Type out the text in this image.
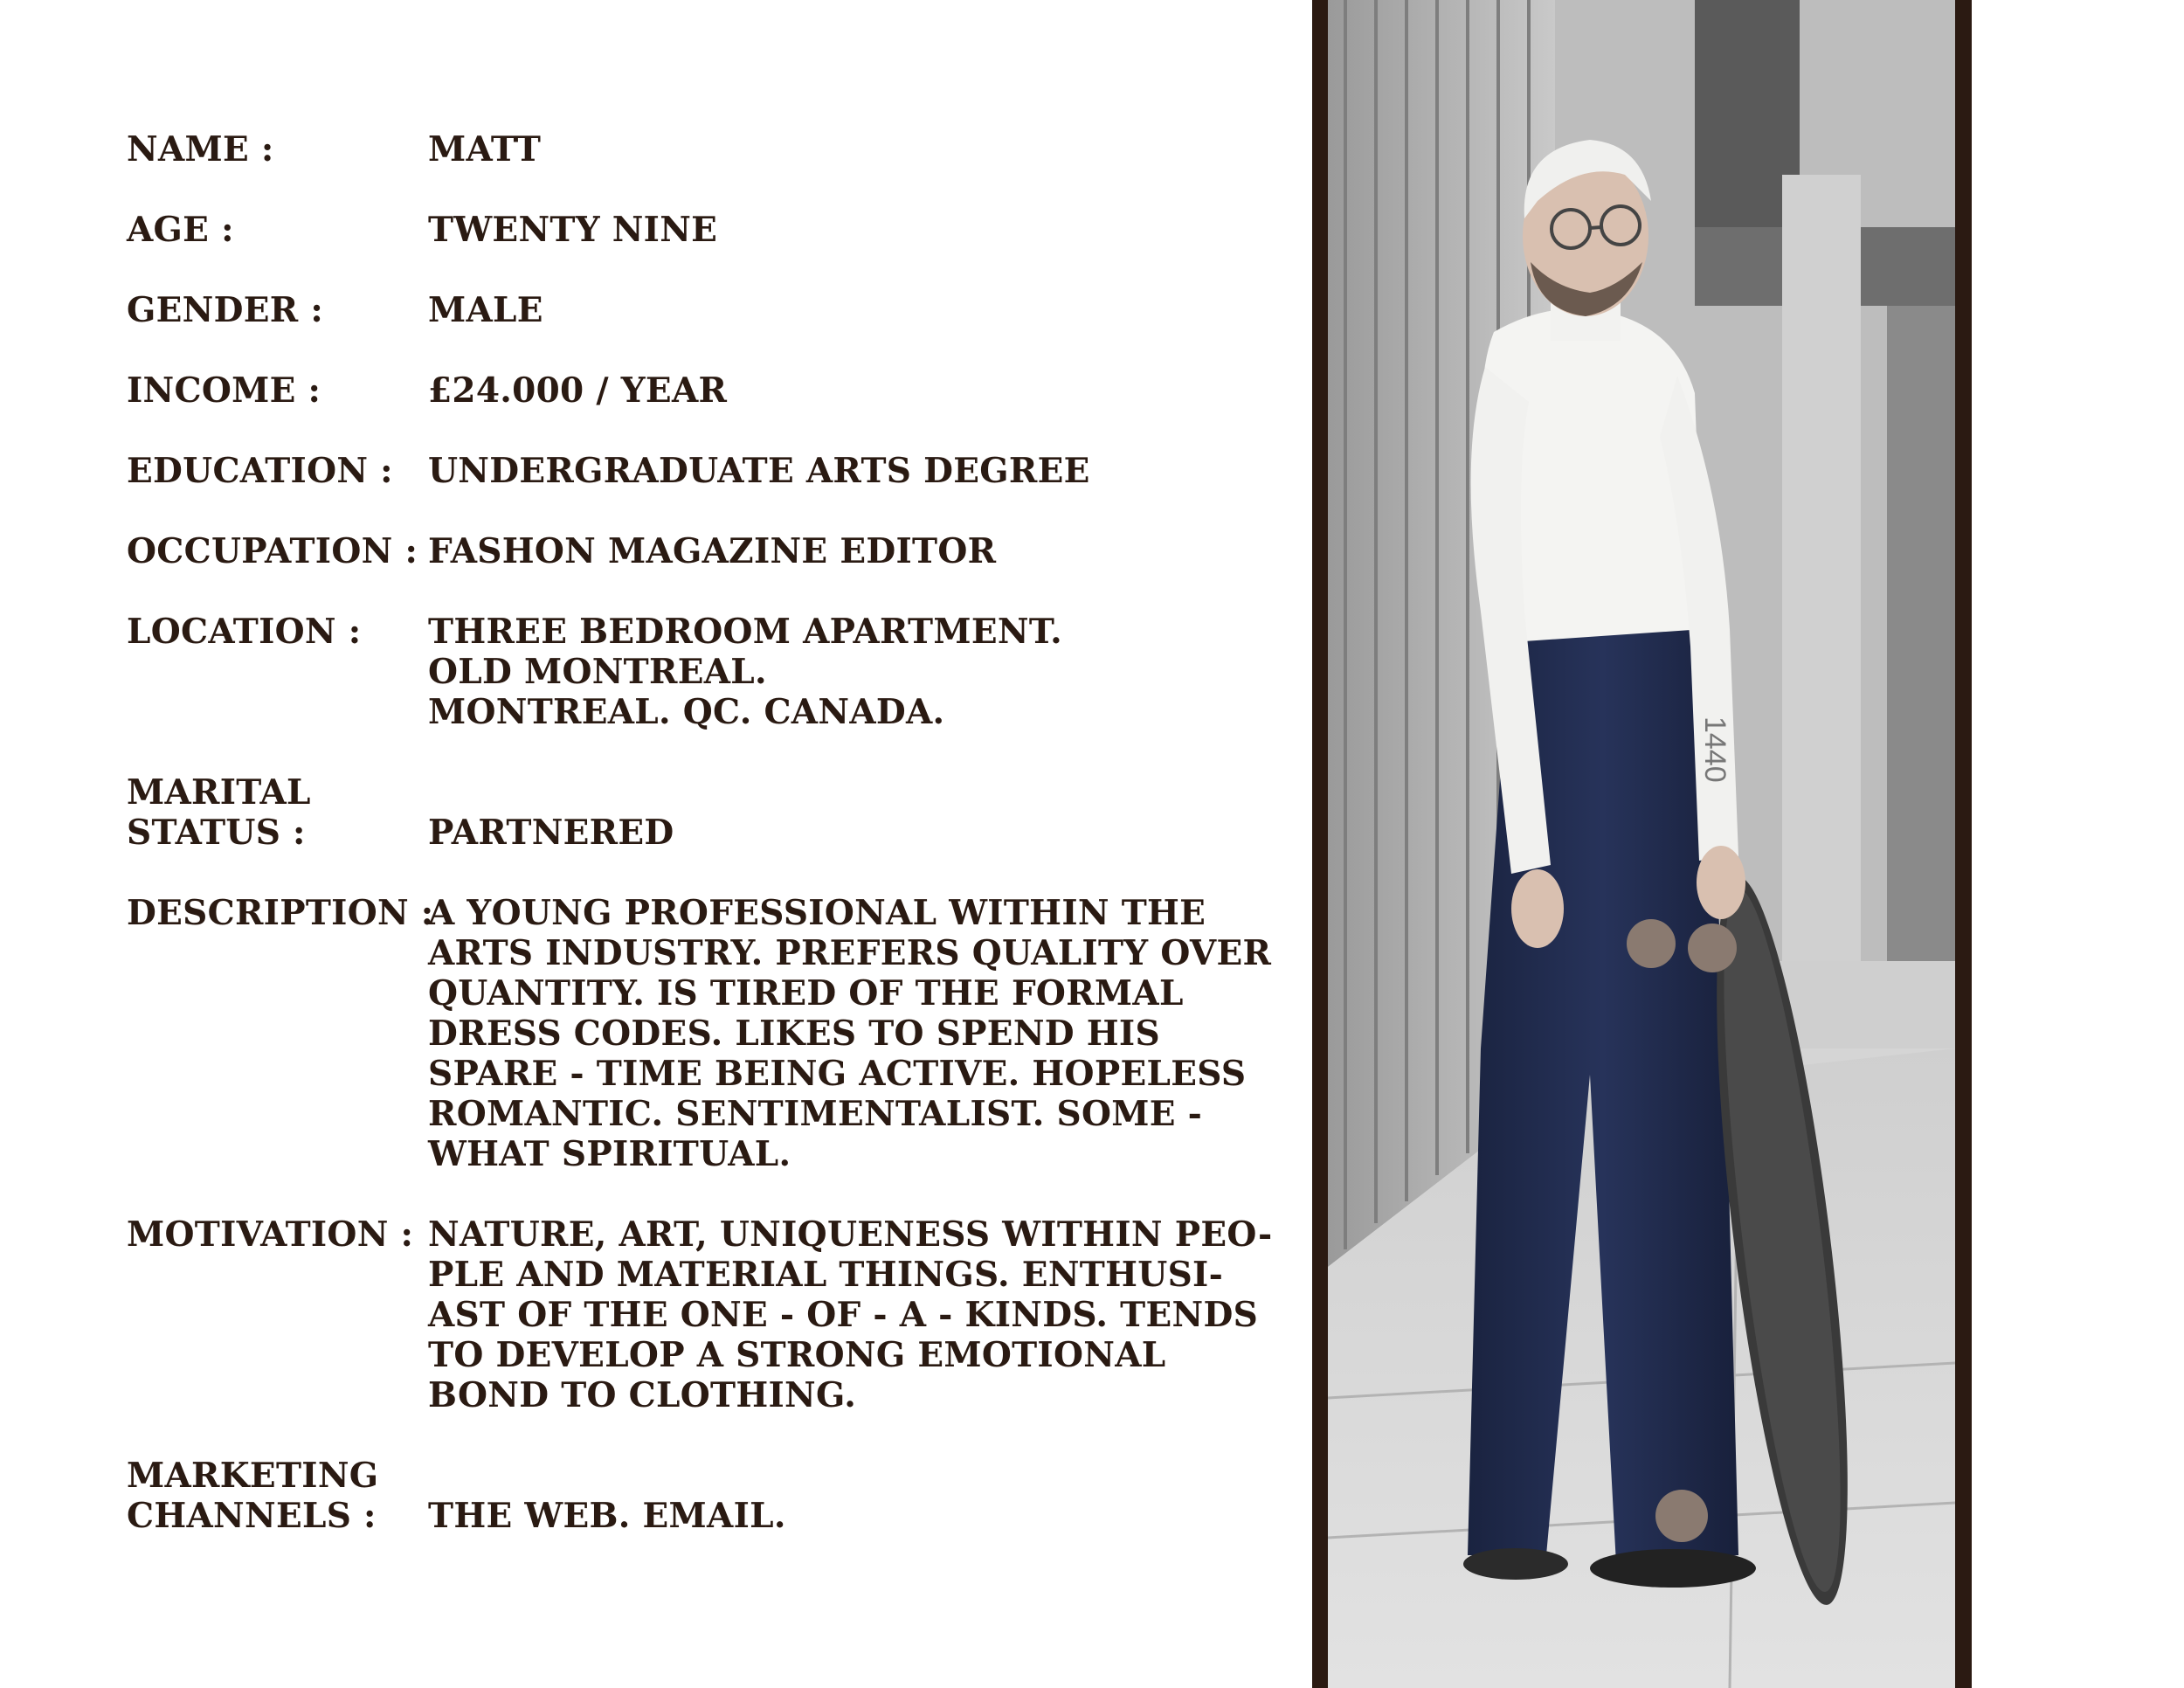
NAME :	MATT
AGE :	TWENTY NINE
GENDER :	MALE
INCOME :	£24.000 / YEAR
EDUCATION :	UNDERGRADUATE ARTS DEGREE
OCCUPATION : FASHON MAGAZINE EDITOR
LOCATION :	THREE BEDROOM APARTMENT.
OLD MONTREAL.
MONTREAL. QC. CANADA.
MARITAL
STATUS :	PARTNERED
DESCRIPTION :
A YOUNG PROFESSIONAL WITHIN THE
ARTS INDUSTRY. PREFERS QUALITY OVER
QUANTITY. IS TIRED OF THE FORMAL
DRESS CODES. LIKES TO SPEND HIS
SPARE - TIME BEING ACTIVE. HOPELESS
ROMANTIC. SENTIMENTALIST. SOME -
WHAT SPIRITUAL.
MOTIVATION : NATURE, ART, UNIQUENESS WITHIN PEO-
PLE AND MATERIAL THINGS. ENTHUSI-
AST OF THE ONE - OF - A - KINDS. TENDS
TO DEVELOP A STRONG EMOTIONAL
BOND TO CLOTHING.
MARKETING
CHANNELS :	THE WEB. EMAIL.
1440
